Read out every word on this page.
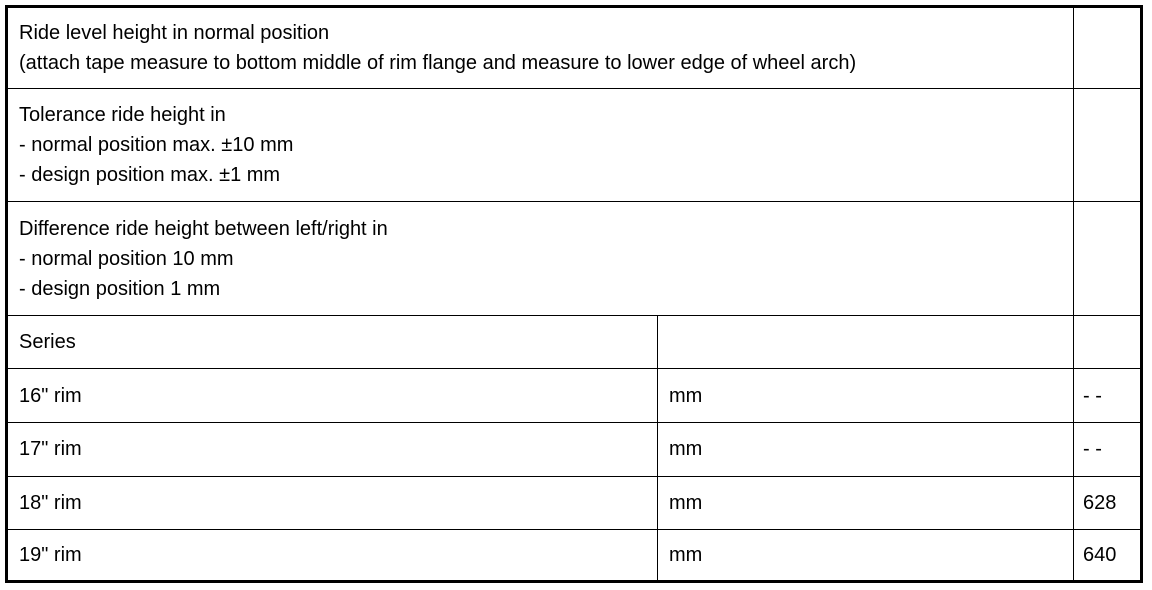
Ride level height in normal position
(attach tape measure to bottom middle of rim flange and measure to lower edge of wheel arch)		
Tolerance ride height in
- normal position max. ±10 mm
- design position max. ±1 mm		
Difference ride height between left/right in
- normal position 10 mm
- design position 1 mm		
Series		
16" rim	mm	- -
17" rim	mm	- -
18" rim	mm	628
19" rim	mm	640
